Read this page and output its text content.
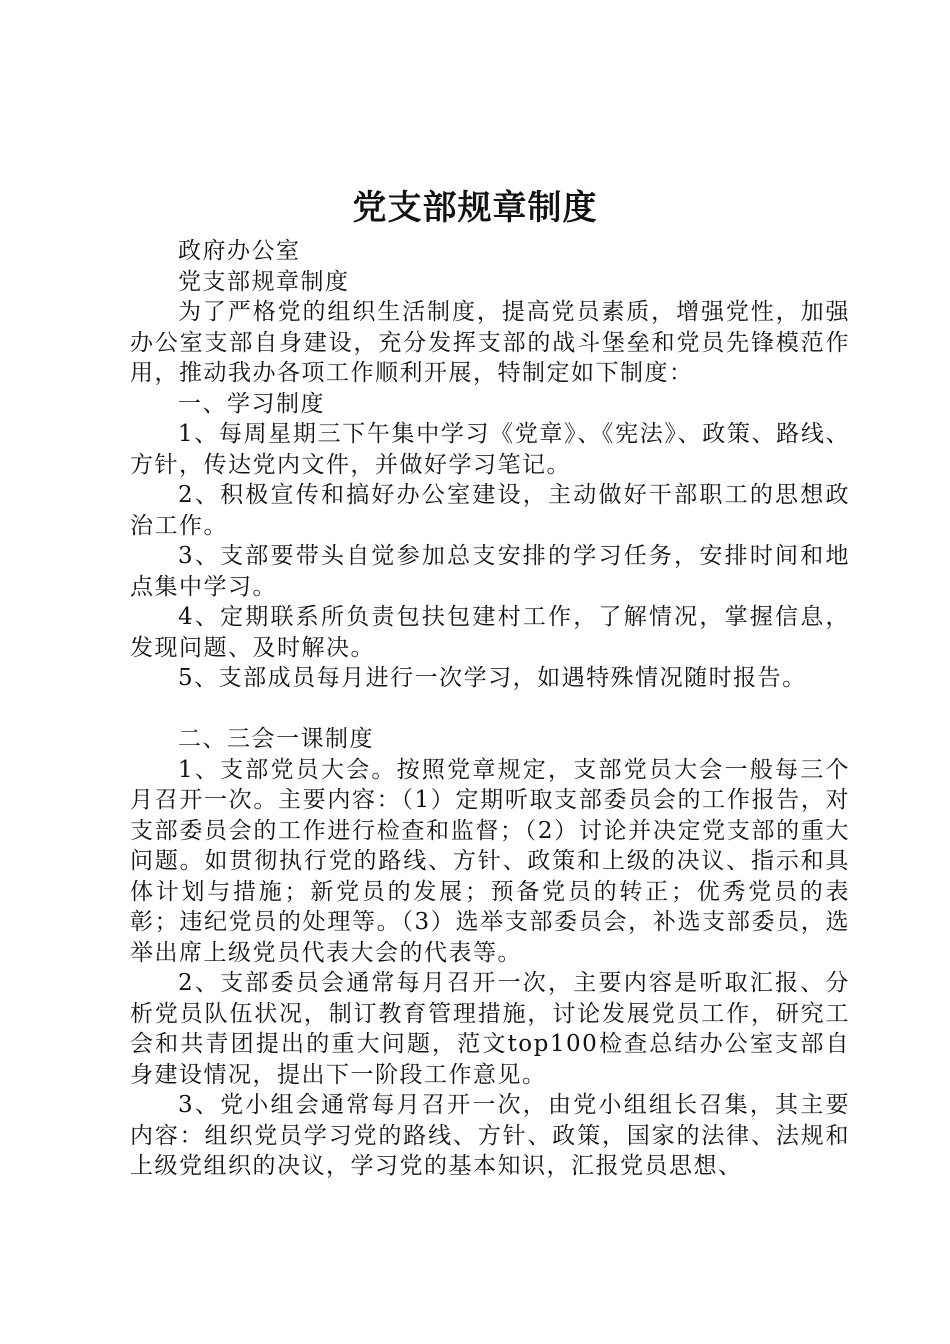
党支部规章制度

政府办公室

党支部规章制度

为了严格党的组织生活制度，提高党员素质，增强党性，加强办公室支部自身建设，充分发挥支部的战斗堡垒和党员先锋模范作用，推动我办各项工作顺利开展，特制定如下制度：

一、学习制度

1、每周星期三下午集中学习《党章》、《宪法》、政策、路线、方针，传达党内文件，并做好学习笔记。

2、积极宣传和搞好办公室建设，主动做好干部职工的思想政治工作。

3、支部要带头自觉参加总支安排的学习任务，安排时间和地点集中学习。

4、定期联系所负责包扶包建村工作，了解情况，掌握信息，发现问题、及时解决。

5、支部成员每月进行一次学习，如遇特殊情况随时报告。

二、三会一课制度

1、支部党员大会。按照党章规定，支部党员大会一般每三个月召开一次。主要内容：（1）定期听取支部委员会的工作报告，对支部委员会的工作进行检查和监督；（2）讨论并决定党支部的重大问题。如贯彻执行党的路线、方针、政策和上级的决议、指示和具体计划与措施；新党员的发展；预备党员的转正；优秀党员的表彰；违纪党员的处理等。（3）选举支部委员会，补选支部委员，选举出席上级党员代表大会的代表等。

2、支部委员会通常每月召开一次，主要内容是听取汇报、分析党员队伍状况，制订教育管理措施，讨论发展党员工作，研究工会和共青团提出的重大问题，范文top100检查总结办公室支部自身建设情况，提出下一阶段工作意见。

3、党小组会通常每月召开一次，由党小组组长召集，其主要内容：组织党员学习党的路线、方针、政策，国家的法律、法规和上级党组织的决议，学习党的基本知识，汇报党员思想、
